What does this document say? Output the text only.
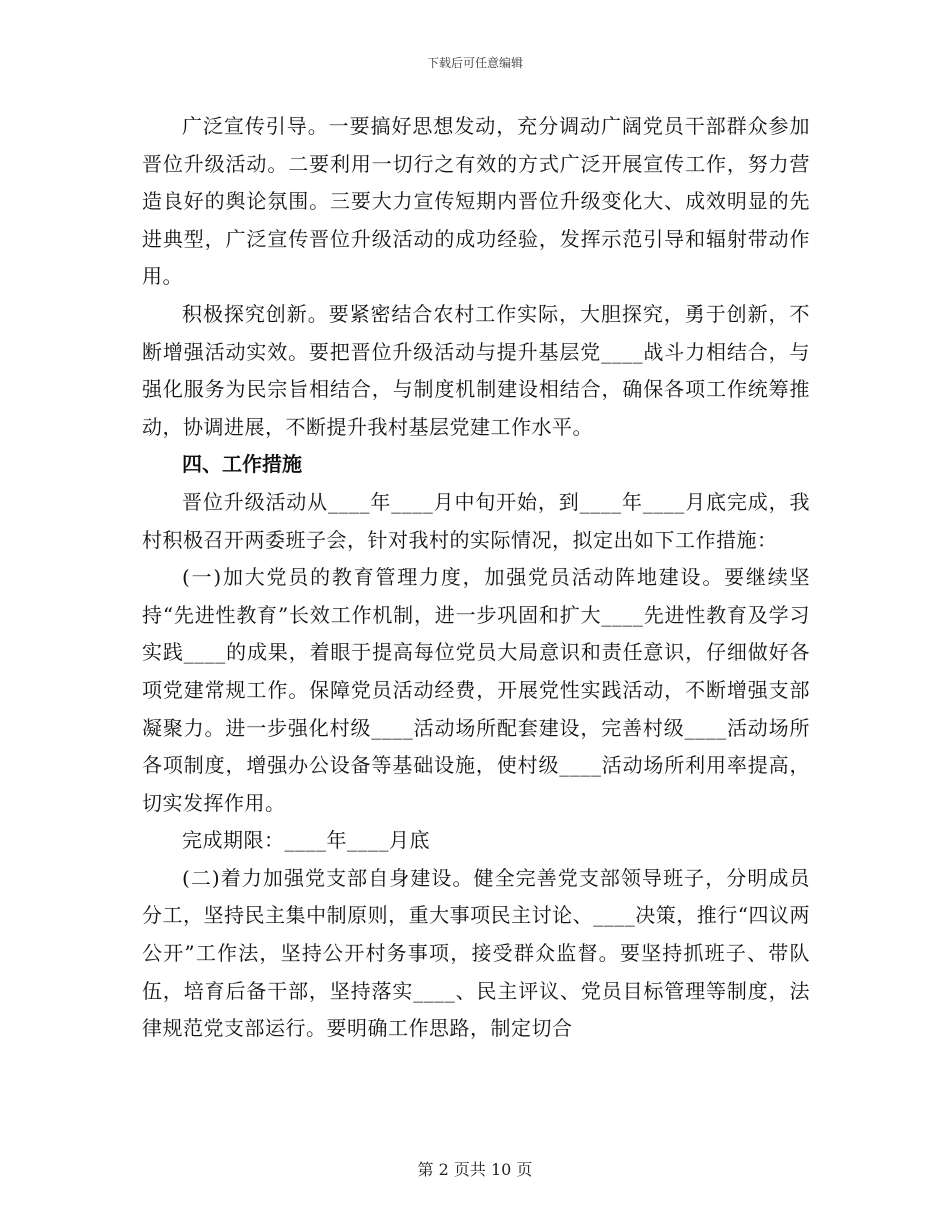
下载后可任意编辑

广泛宣传引导。一要搞好思想发动，充分调动广阔党员干部群众参加晋位升级活动。二要利用一切行之有效的方式广泛开展宣传工作，努力营造良好的舆论氛围。三要大力宣传短期内晋位升级变化大、成效明显的先进典型，广泛宣传晋位升级活动的成功经验，发挥示范引导和辐射带动作用。

积极探究创新。要紧密结合农村工作实际，大胆探究，勇于创新，不断增强活动实效。要把晋位升级活动与提升基层党____战斗力相结合，与强化服务为民宗旨相结合，与制度机制建设相结合，确保各项工作统筹推动，协调进展，不断提升我村基层党建工作水平。

四、工作措施

晋位升级活动从____年____月中旬开始，到____年____月底完成，我村积极召开两委班子会，针对我村的实际情况，拟定出如下工作措施：

(一)加大党员的教育管理力度，加强党员活动阵地建设。要继续坚持“先进性教育”长效工作机制，进一步巩固和扩大____先进性教育及学习实践____的成果，着眼于提高每位党员大局意识和责任意识，仔细做好各项党建常规工作。保障党员活动经费，开展党性实践活动，不断增强支部凝聚力。进一步强化村级____活动场所配套建设，完善村级____活动场所各项制度，增强办公设备等基础设施，使村级____活动场所利用率提高，切实发挥作用。

完成期限：____年____月底

(二)着力加强党支部自身建设。健全完善党支部领导班子，分明成员分工，坚持民主集中制原则，重大事项民主讨论、____决策，推行“四议两公开”工作法，坚持公开村务事项，接受群众监督。要坚持抓班子、带队伍，培育后备干部，坚持落实____、民主评议、党员目标管理等制度，法律规范党支部运行。要明确工作思路，制定切合

第 2 页共 10 页
